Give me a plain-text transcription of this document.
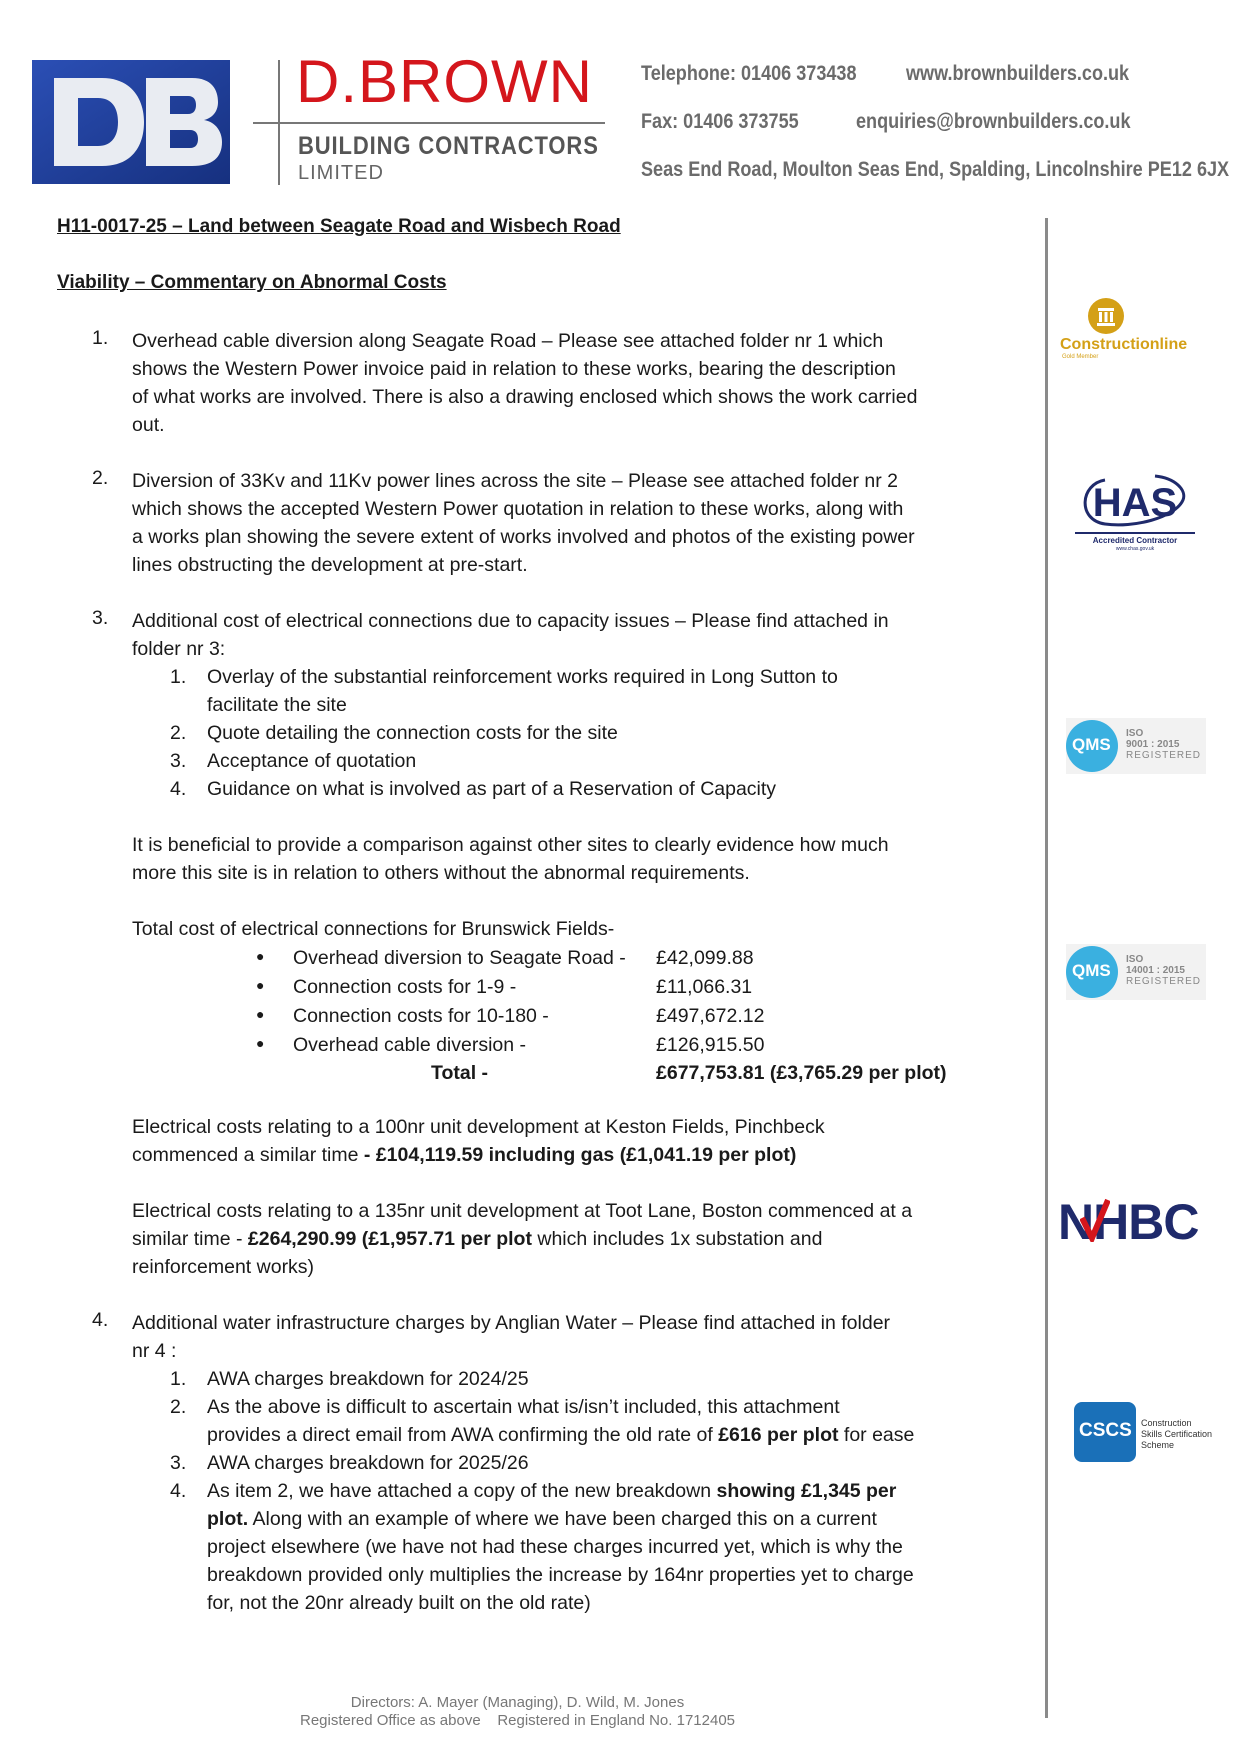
D.BROWN
BUILDING CONTRACTORS
LIMITED
Telephone: 01406 373438 www.brownbuilders.co.uk
Fax: 01406 373755	enquiries@brownbuilders.co.uk
Seas End Road, Moulton Seas End, Spalding, Lincolnshire PE12 6JX
H11-0017-25 – Land between Seagate Road and Wisbech Road
Viability – Commentary on Abnormal Costs
1. Overhead cable diversion along Seagate Road – Please see attached folder nr 1 which
shows the Western Power invoice paid in relation to these works, bearing the description
of what works are involved. There is also a drawing enclosed which shows the work carried
out.
2. Diversion of 33Kv and 11Kv power lines across the site – Please see attached folder nr 2
which shows the accepted Western Power quotation in relation to these works, along with
a works plan showing the severe extent of works involved and photos of the existing power
lines obstructing the development at pre-start.
3. Additional cost of electrical connections due to capacity issues – Please find attached in
folder nr 3:
1. Overlay of the substantial reinforcement works required in Long Sutton to
facilitate the site
2. Quote detailing the connection costs for the site
3. Acceptance of quotation
4. Guidance on what is involved as part of a Reservation of Capacity
It is beneficial to provide a comparison against other sites to clearly evidence how much
more this site is in relation to others without the abnormal requirements.
Total cost of electrical connections for Brunswick Fields-
● Overhead diversion to Seagate Road - £42,099.88
● Connection costs for 1-9 -	£11,066.31
● Connection costs for 10-180 -	£497,672.12
● Overhead cable diversion -	£126,915.50
Total -	£677,753.81 (£3,765.29 per plot)
Electrical costs relating to a 100nr unit development at Keston Fields, Pinchbeck
commenced a similar time - £104,119.59 including gas (£1,041.19 per plot)
Electrical costs relating to a 135nr unit development at Toot Lane, Boston commenced at a
similar time - £264,290.99 (£1,957.71 per plot which includes 1x substation and
reinforcement works)
4. Additional water infrastructure charges by Anglian Water – Please find attached in folder
nr 4 :
1. AWA charges breakdown for 2024/25
2. As the above is difficult to ascertain what is/isn’t included, this attachment
provides a direct email from AWA confirming the old rate of £616 per plot for ease
3. AWA charges breakdown for 2025/26
4. As item 2, we have attached a copy of the new breakdown showing £1,345 per
plot. Along with an example of where we have been charged this on a current
project elsewhere (we have not had these charges incurred yet, which is why the
breakdown provided only multiplies the increase by 164nr properties yet to charge
for, not the 20nr already built on the old rate)
Constructionline
Gold Member
HAS
Accredited Contractor
www.chas.gov.uk
QMS
ISO
9001 : 2015
REGISTERED
QMS
ISO
14001 : 2015
REGISTERED
NHBC
CSCS Construction
Skills Certification
Scheme
Directors: A. Mayer (Managing), D. Wild, M. Jones
Registered Office as above    Registered in England No. 1712405
